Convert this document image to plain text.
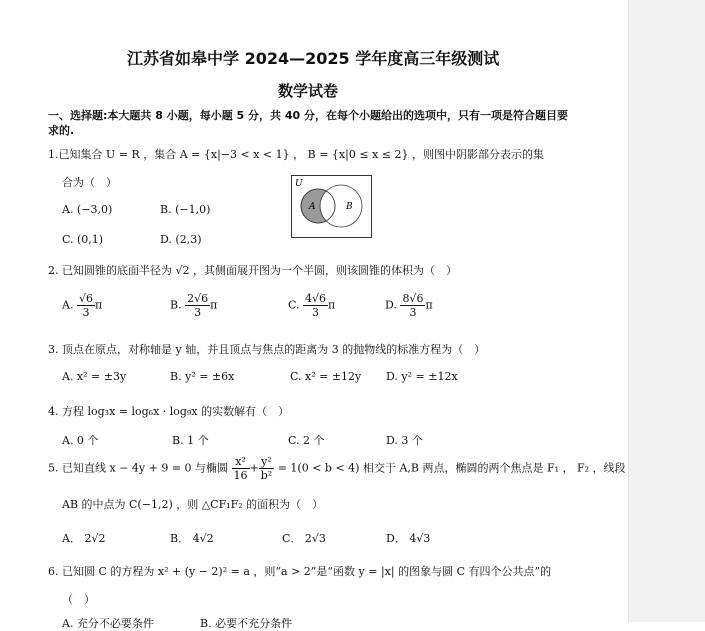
江苏省如皋中学 2024—2025 学年度高三年级测试
数学试卷
一、选择题:本大题共 8 小题，每小题 5 分，共 40 分，在每个小题给出的选项中，只有一项是符合题目要
求的.
1.已知集合 U = R ，集合 A = {x|−3 < x < 1} ， B = {x|0 ≤ x ≤ 2} ，则图中阴影部分表示的集
合为（　）
A. (−3,0)	B. (−1,0)
C. (0,1)	D. (2,3)
U
A	B
2. 已知圆锥的底面半径为 √2 ，其侧面展开图为一个半圆，则该圆锥的体积为（　）
A. $\frac{√6}{3}$ π	B. $\frac{2√6}{3}$ π	C. $\frac{4√6}{3}$ π	D. $\frac{8√6}{3}$ π
3. 顶点在原点，对称轴是 y 轴，并且顶点与焦点的距离为 3 的抛物线的标准方程为（　）
A. x² = ±3y	B. y² = ±6x	C. x² = ±12y D. y² = ±12x
4. 方程 log₃x = log₆x · log₉x 的实数解有（　）
A. 0 个	B. 1 个	C. 2 个	D. 3 个
5. 已知直线 x − 4y + 9 = 0 与椭圆 $\frac{\text{x²}}{16} + \frac{\text{y²}}{\text{b²}} = 1(0 < b < 4)$ 相交于 A,B 两点，椭圆的两个焦点是 F₁ ， F₂ ，线段
AB 的中点为 C(−1,2) ，则 △CF₁F₂ 的面积为（　）
A． 2√2	B． 4√2	C． 2√3	D． 4√3
6. 已知圆 C 的方程为 x² + (y − 2)² = a ，则“a > 2”是“函数 y = |x| 的图象与圆 C 有四个公共点”的
（　）
A. 充分不必要条件	B. 必要不充分条件
